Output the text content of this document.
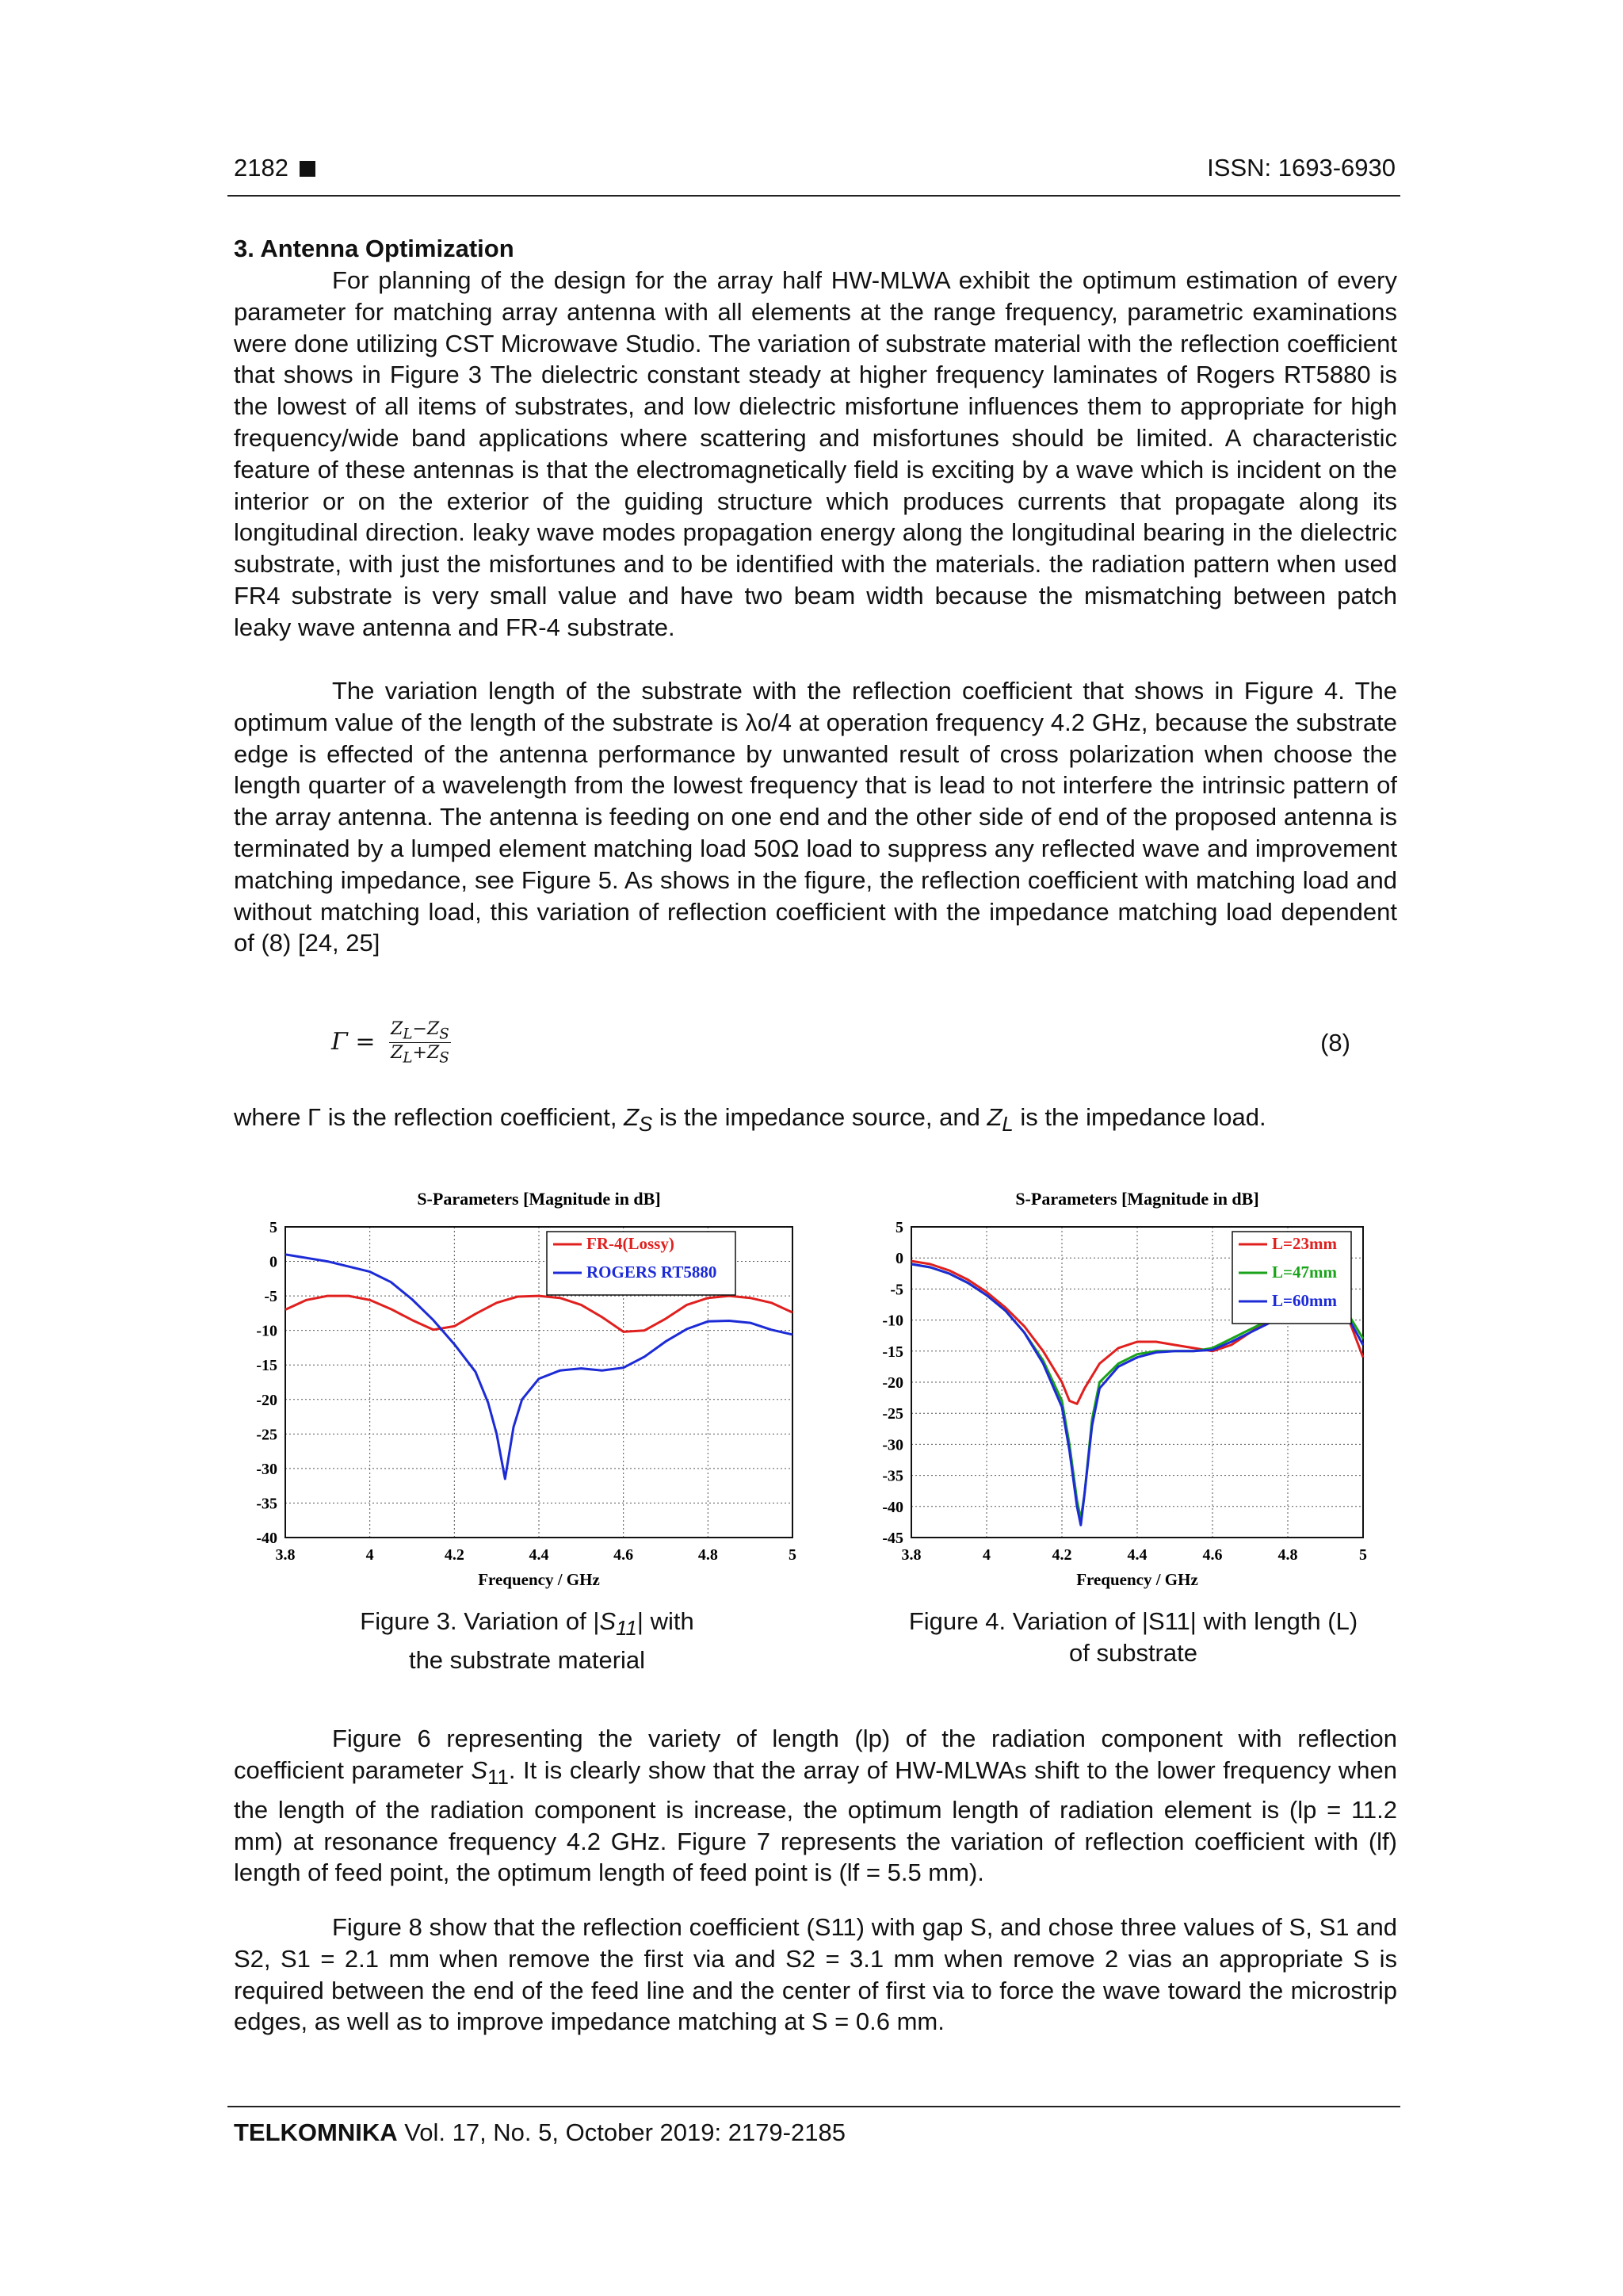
2182	ISSN: 1693-6930
3. Antenna Optimization
For planning of the design for the array half HW-MLWA exhibit the optimum estimation of every parameter for matching array antenna with all elements at the range frequency, parametric examinations were done utilizing CST Microwave Studio. The variation of substrate material with the reflection coefficient that shows in Figure 3 The dielectric constant steady at higher frequency laminates of Rogers RT5880 is the lowest of all items of substrates, and low dielectric misfortune influences them to appropriate for high frequency/wide band applications where scattering and misfortunes should be limited. A characteristic feature of these antennas is that the electromagnetically field is exciting by a wave which is incident on the interior or on the exterior of the guiding structure which produces currents that propagate along its longitudinal direction. leaky wave modes propagation energy along the longitudinal bearing in the dielectric substrate, with just the misfortunes and to be identified with the materials. the radiation pattern when used FR4 substrate is very small value and have two beam width because the mismatching between patch leaky wave antenna and FR-4 substrate.
The variation length of the substrate with the reflection coefficient that shows in Figure 4. The optimum value of the length of the substrate is λo/4 at operation frequency 4.2 GHz, because the substrate edge is effected of the antenna performance by unwanted result of cross polarization when choose the length quarter of a wavelength from the lowest frequency that is lead to not interfere the intrinsic pattern of the array antenna. The antenna is feeding on one end and the other side of end of the proposed antenna is terminated by a lumped element matching load 50Ω load to suppress any reflected wave and improvement matching impedance, see Figure 5. As shows in the figure, the reflection coefficient with matching load and without matching load, this variation of reflection coefficient with the impedance matching load dependent of (8) [24, 25]
$\Gamma = \frac{Z_L-Z_S}{Z_L+Z_S}$	(8)
where Γ is the reflection coefficient, $Z_S$ is the impedance source, and $Z_L$ is the impedance load.
S-Parameters [Magnitude in dB]
5
0
-5
-10
-15
-20
-25
-30
-35
-40
3.8	4	4.2	4.4	4.6	4.8	5
Frequency / GHz
FR-4(Lossy)
ROGERS RT5880
S-Parameters [Magnitude in dB]
5
0
-5
-10
-15
-20
-25
-30
-35
-40
-45
3.8	4	4.2	4.4	4.6	4.8	5
Frequency / GHz
L=23mm
L=47mm
L=60mm
Figure 3. Variation of $|S_{11}|$ with
the substrate material
Figure 4. Variation of |S11| with length (L)
of substrate
Figure 6 representing the variety of length (lp) of the radiation component with reflection coefficient parameter $S_{11}$. It is clearly show that the array of HW-MLWAs shift to the lower frequency when the length of the radiation component is increase, the optimum length of radiation element is (lp = 11.2 mm) at resonance frequency 4.2 GHz. Figure 7 represents the variation of reflection coefficient with (lf) length of feed point, the optimum length of feed point is (lf = 5.5 mm).
Figure 8 show that the reflection coefficient (S11) with gap S, and chose three values of S, S1 and S2, S1 = 2.1 mm when remove the first via and S2 = 3.1 mm when remove 2 vias an appropriate S is required between the end of the feed line and the center of first via to force the wave toward the microstrip edges, as well as to improve impedance matching at S = 0.6 mm.
TELKOMNIKA Vol. 17, No. 5, October 2019: 2179-2185
